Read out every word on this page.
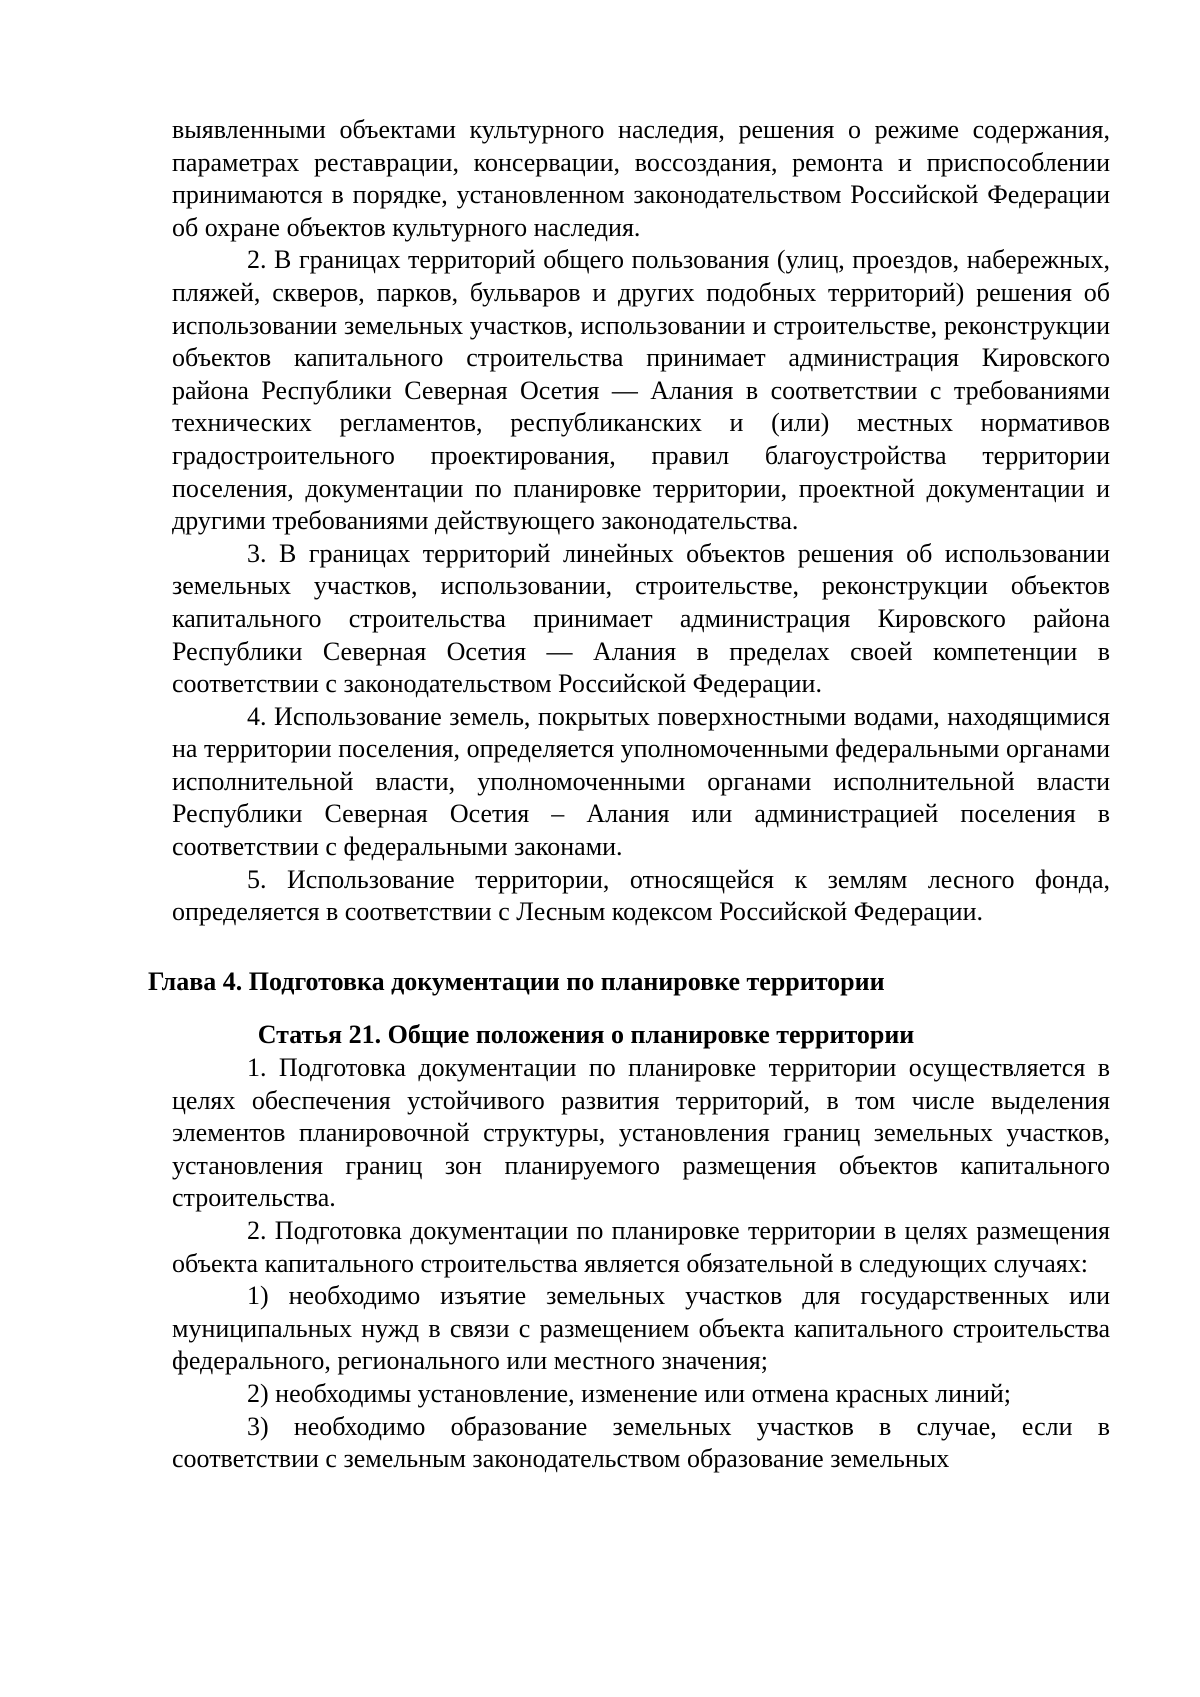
выявленными объектами культурного наследия, решения о режиме содержания, параметрах реставрации, консервации, воссоздания, ремонта и приспособлении принимаются в порядке, установленном законодательством Российской Федерации об охране объектов культурного наследия.

2. В границах территорий общего пользования (улиц, проездов, набережных, пляжей, скверов, парков, бульваров и других подобных территорий) решения об использовании земельных участков, использовании и строительстве, реконструкции объектов капитального строительства принимает администрация Кировского района Республики Северная Осетия — Алания в соответствии с требованиями технических регламентов, республиканских и (или) местных нормативов градостроительного проектирования, правил благоустройства территории поселения, документации по планировке территории, проектной документации и другими требованиями действующего законодательства.

3. В границах территорий линейных объектов решения об использовании земельных участков, использовании, строительстве, реконструкции объектов капитального строительства принимает администрация Кировского района Республики Северная Осетия — Алания в пределах своей компетенции в соответствии с законодательством Российской Федерации.

4. Использование земель, покрытых поверхностными водами, находящимися на территории поселения, определяется уполномоченными федеральными органами исполнительной власти, уполномоченными органами исполнительной власти Республики Северная Осетия – Алания или администрацией поселения в соответствии с федеральными законами.

5. Использование территории, относящейся к землям лесного фонда, определяется в соответствии с Лесным кодексом Российской Федерации.

Глава 4. Подготовка документации по планировке территории
Статья 21. Общие положения о планировке территории

1. Подготовка документации по планировке территории осуществляется в целях обеспечения устойчивого развития территорий, в том числе выделения элементов планировочной структуры, установления границ земельных участков, установления границ зон планируемого размещения объектов капитального строительства.

2. Подготовка документации по планировке территории в целях размещения объекта капитального строительства является обязательной в следующих случаях:

1) необходимо изъятие земельных участков для государственных или муниципальных нужд в связи с размещением объекта капитального строительства федерального, регионального или местного значения;

2) необходимы установление, изменение или отмена красных линий;

3) необходимо образование земельных участков в случае, если в соответствии с земельным законодательством образование земельных
